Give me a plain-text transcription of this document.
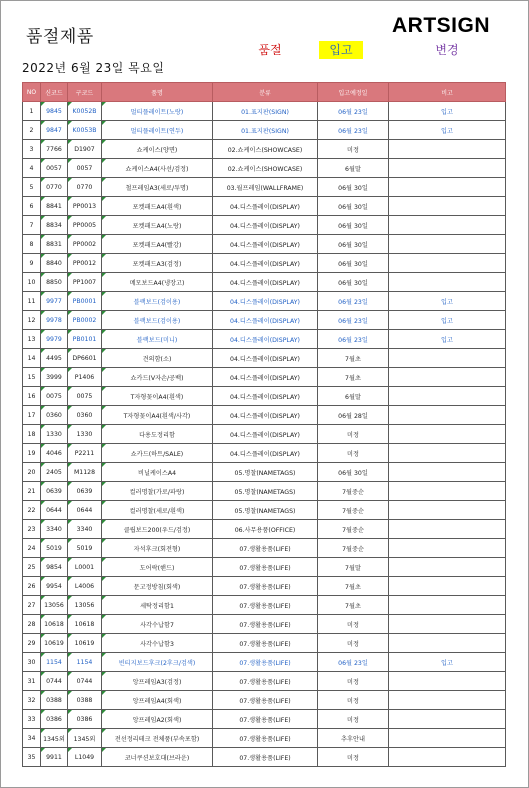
품절제품	ARTSIGN
품절	입고	변경
2022년 6월 23일 목요일
NO	신코드	구코드	품명	분류	입고예정일	비고
1	9845	K0052B	멀티플레이트(노랑)	01.표지판(SIGN)	06월 23일	입고
2	9847	K0053B	멀티플레이트(연두)	01.표지판(SIGN)	06월 23일	입고
3	7766	D1907	쇼케이스(양면)	02.쇼케이스(SHOWCASE)	미정	
4	0057	0057	쇼케이스A4(사선/검정)	02.쇼케이스(SHOWCASE)	6월말	
5	0770	0770	철프레임A3(세로/투명)	03.월프레임(WALLFRAME)	06월 30일	
6	8841	PP0013	포켓패드A4(흰색)	04.디스플레이(DISPLAY)	06월 30일	
7	8834	PP0005	포켓패드A4(노랑)	04.디스플레이(DISPLAY)	06월 30일	
8	8831	PP0002	포켓패드A4(빨강)	04.디스플레이(DISPLAY)	06월 30일	
9	8840	PP0012	포켓패드A3(검정)	04.디스플레이(DISPLAY)	06월 30일	
10	8850	PP1007	메모보드A4(냉장고)	04.디스플레이(DISPLAY)	06월 30일	
11	9977	PB0001	블랙보드(검이용)	04.디스플레이(DISPLAY)	06월 23일	입고
12	9978	PB0002	블랙보드(검이용)	04.디스플레이(DISPLAY)	06월 23일	입고
13	9979	PB0101	블랙보드(미니)	04.디스플레이(DISPLAY)	06월 23일	입고
14	4495	DP6601	견의함(소)	04.디스플레이(DISPLAY)	7월초	
15	3999	P1406	쇼카드(V자손/공백)	04.디스플레이(DISPLAY)	7월초	
16	0075	0075	T자형꽂이A4(흰색)	04.디스플레이(DISPLAY)	6월말	
17	0360	0360	T자형꽂이A4(흰색/사각)	04.디스플레이(DISPLAY)	06월 28일	
18	1330	1330	다용도정리함	04.디스플레이(DISPLAY)	미정	
19	4046	P2211	쇼카드(하트/SALE)	04.디스플레이(DISPLAY)	미정	
20	2405	M1128	비닐케이스A4	05.명찰(NAMETAGS)	06월 30일	
21	0639	0639	컬러명찰(가로/파랑)	05.명찰(NAMETAGS)	7월중순	
22	0644	0644	컬러명찰(세로/흰색)	05.명찰(NAMETAGS)	7월중순	
23	3340	3340	클립보드200(우드/검정)	06.사무용품(OFFICE)	7월중순	
24	5019	5019	자석후크(회전형)	07.생활용품(LIFE)	7월중순	
25	9854	L0001	도어락(핸드)	07.생활용품(LIFE)	7월말	
26	9954	L4006	문고정방침(회색)	07.생활용품(LIFE)	7월초	
27	13056	13056	세탁정리함1	07.생활용품(LIFE)	7월초	
28	10618	10618	사각수납함7	07.생활용품(LIFE)	미정	
29	10619	10619	사각수납함3	07.생활용품(LIFE)	미정	
30	1154	1154	빈티지보드후크(2후크/검색)	07.생활용품(LIFE)	06월 23일	입고
31	0744	0744	앙프레임A3(검정)	07.생활용품(LIFE)	미정	
32	0388	0388	앙프레임A4(회색)	07.생활용품(LIFE)	미정	
33	0386	0386	앙프레임A2(회색)	07.생활용품(LIFE)	미정	
34	1345외	1345외	전선정리테크 전체품(부속포함)	07.생활용품(LIFE)	추후안내	
35	9911	L1049	코너쿠션보호대(브라운)	07.생활용품(LIFE)	미정	
